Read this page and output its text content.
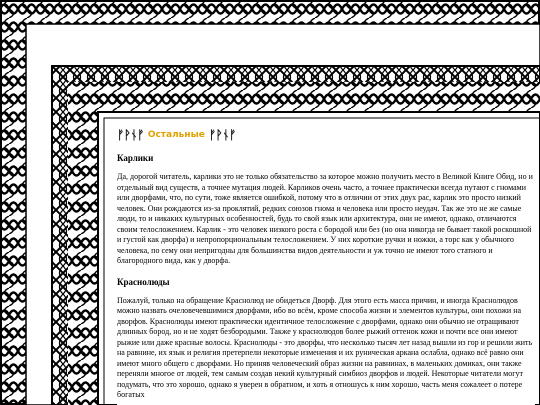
ᚠᚹᚾᚠ Остальные ᚠᚹᚾᚠ
Карлики

Да, дорогой читатель, карлики это не только обязательство за которое можно получить место в Великой Книге Обид, но и отдельный вид существ, а точнее мутация людей. Карликов очень часто, а точнее практически всегда путают с гномами или дворфами, что, по сути, тоже является ошибкой, потому что в отличии от этих двух рас, карлик это просто низкий человек. Они рождаются из-за проклятий, редких союзов гнома и человека или просто неудач. Так же это не же самые люди, то и никаких культурных особенностей, будь то свой язык или архитектура, они не имеют, однако, отличаются своим телосложением. Карлик - это человек низкого роста с бородой или без (но она никогда не бывает такой роскошной и густой как дворфа) и непропорциональным телосложением. У них короткие ручки и ножки, а торс как у обычного человека, по сему они непригодны для большинства видов деятельности и уж точно не имеют того статного и благородного вида, как у дворфа.

Краснолюды

Пожалуй, только на обращение Краснолюд не обидеться Дворф. Для этого есть масса причин, и иногда Краснолюдов можно назвать очеловечевшимися дворфами, ибо во всём, кроме способа жизни и элементов культуры, они похожи на дворфов. Краснолюды имеют практически идентичное телосложение с дворфами, однако они обычно не отращивают длинных бород, но и не ходят безбородыми. Также у краснолюдов более рыжий оттенок кожи и почти все они имеют рыжие или даже красные волосы. Краснолюды - это дворфы, что несколько тысяч лет назад вышли из гор и решили жить на равнине, их язык и религия претерпели некоторые изменения и их руническая аркана ослабла, однако всё равно они имеют много общего с дворфами. Но приняв человеческий образ жизни на равнинах, в маленьких домиках, они также переняли многое от людей, тем самым создав некий культурный симбиоз дворфов и людей. Некоторые читатели могут подумать, что это хорошо, однако я уверен в обратном, и хоть я отношусь к ним хорошо, часть меня сожалеет о потере богатых
